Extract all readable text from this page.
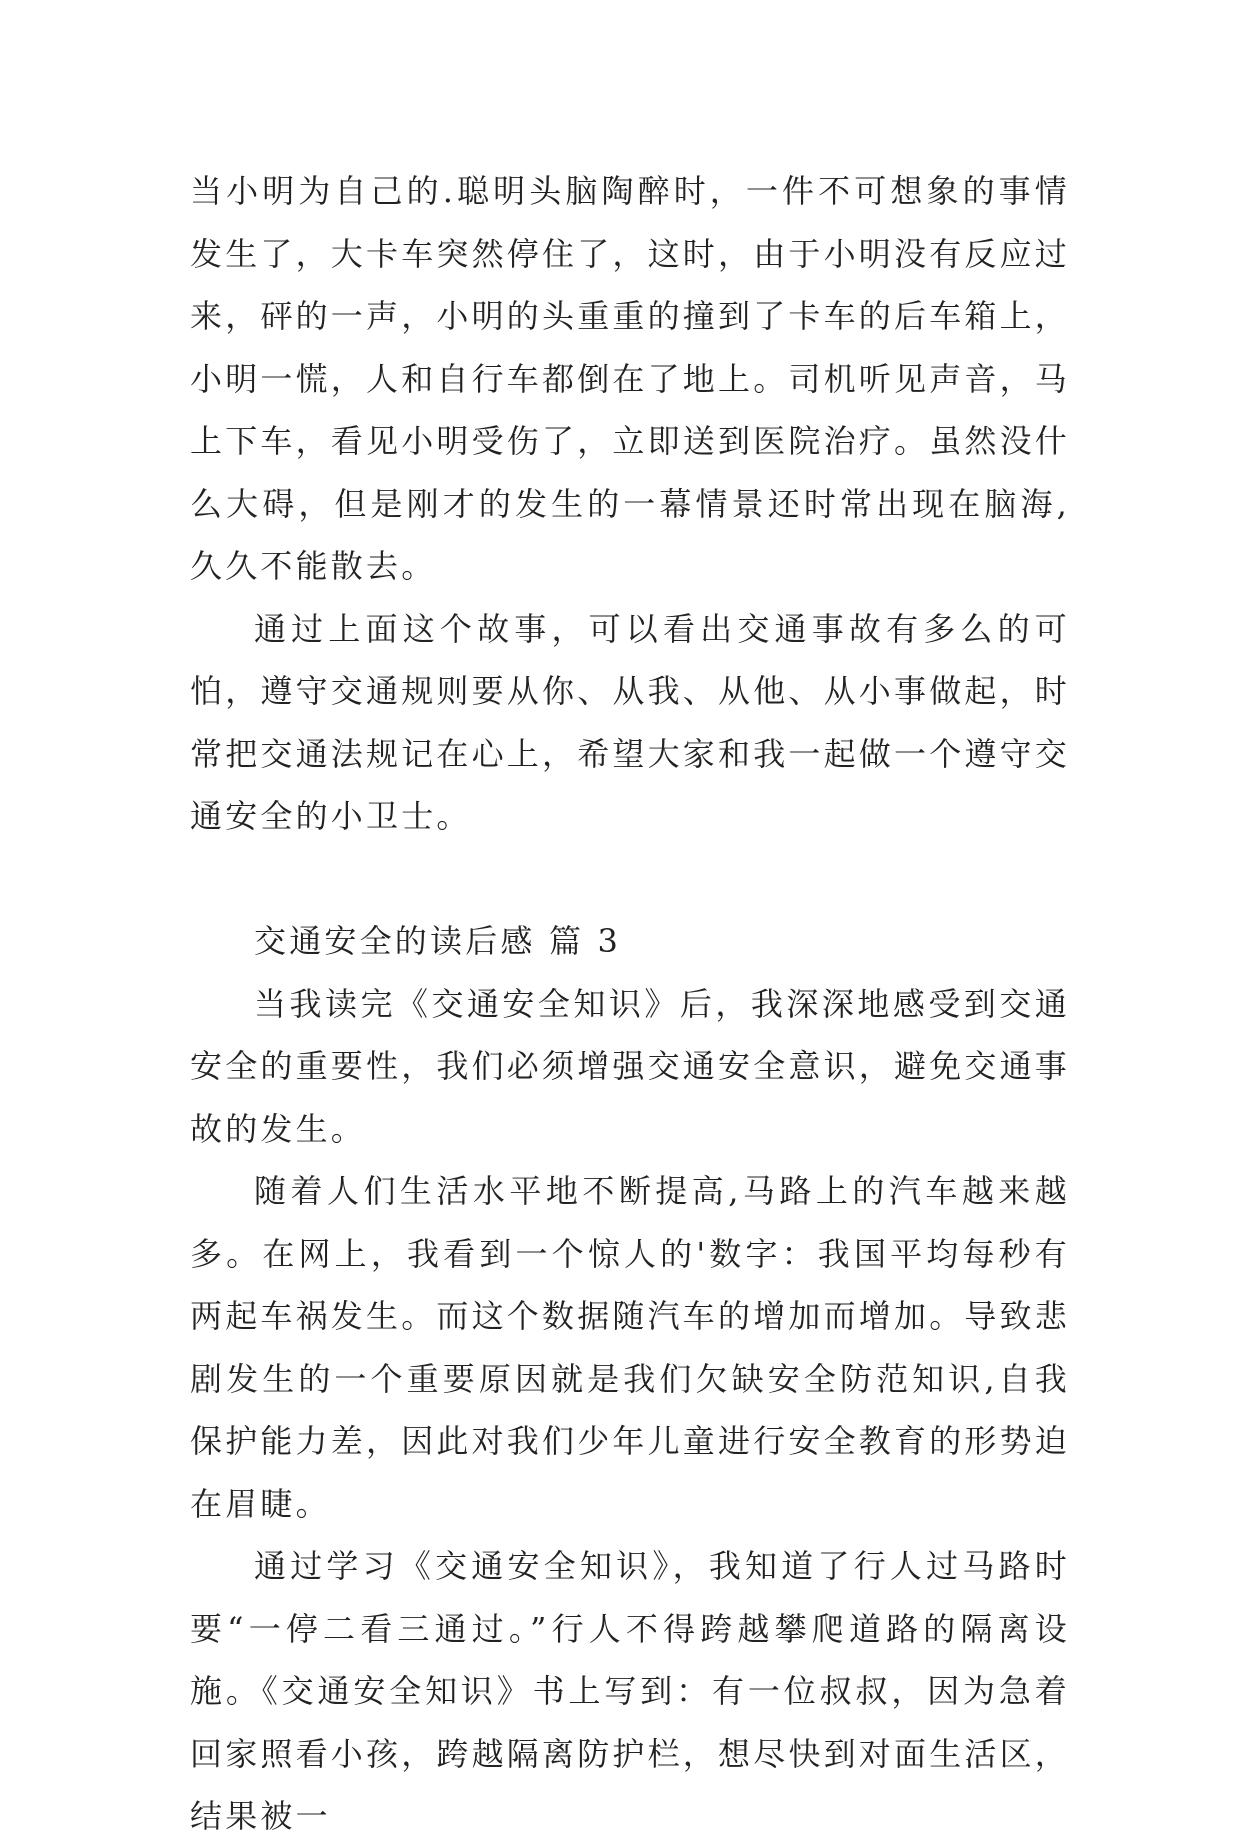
当小明为自己的.聪明头脑陶醉时，一件不可想象的事情发生了，大卡车突然停住了，这时，由于小明没有反应过来，砰的一声，小明的头重重的撞到了卡车的后车箱上，小明一慌，人和自行车都倒在了地上。司机听见声音，马上下车，看见小明受伤了，立即送到医院治疗。虽然没什么大碍，但是刚才的发生的一幕情景还时常出现在脑海,久久不能散去。

通过上面这个故事，可以看出交通事故有多么的可怕，遵守交通规则要从你、从我、从他、从小事做起，时常把交通法规记在心上，希望大家和我一起做一个遵守交通安全的小卫士。

交通安全的读后感 篇 3

当我读完《交通安全知识》后，我深深地感受到交通安全的重要性，我们必须增强交通安全意识，避免交通事故的发生。

随着人们生活水平地不断提高,马路上的汽车越来越多。在网上，我看到一个惊人的'数字：我国平均每秒有两起车祸发生。而这个数据随汽车的增加而增加。导致悲剧发生的一个重要原因就是我们欠缺安全防范知识,自我保护能力差，因此对我们少年儿童进行安全教育的形势迫在眉睫。

通过学习《交通安全知识》，我知道了行人过马路时要“一停二看三通过。”行人不得跨越攀爬道路的隔离设施。《交通安全知识》书上写到：有一位叔叔，因为急着回家照看小孩，跨越隔离防护栏，想尽快到对面生活区，结果被一
